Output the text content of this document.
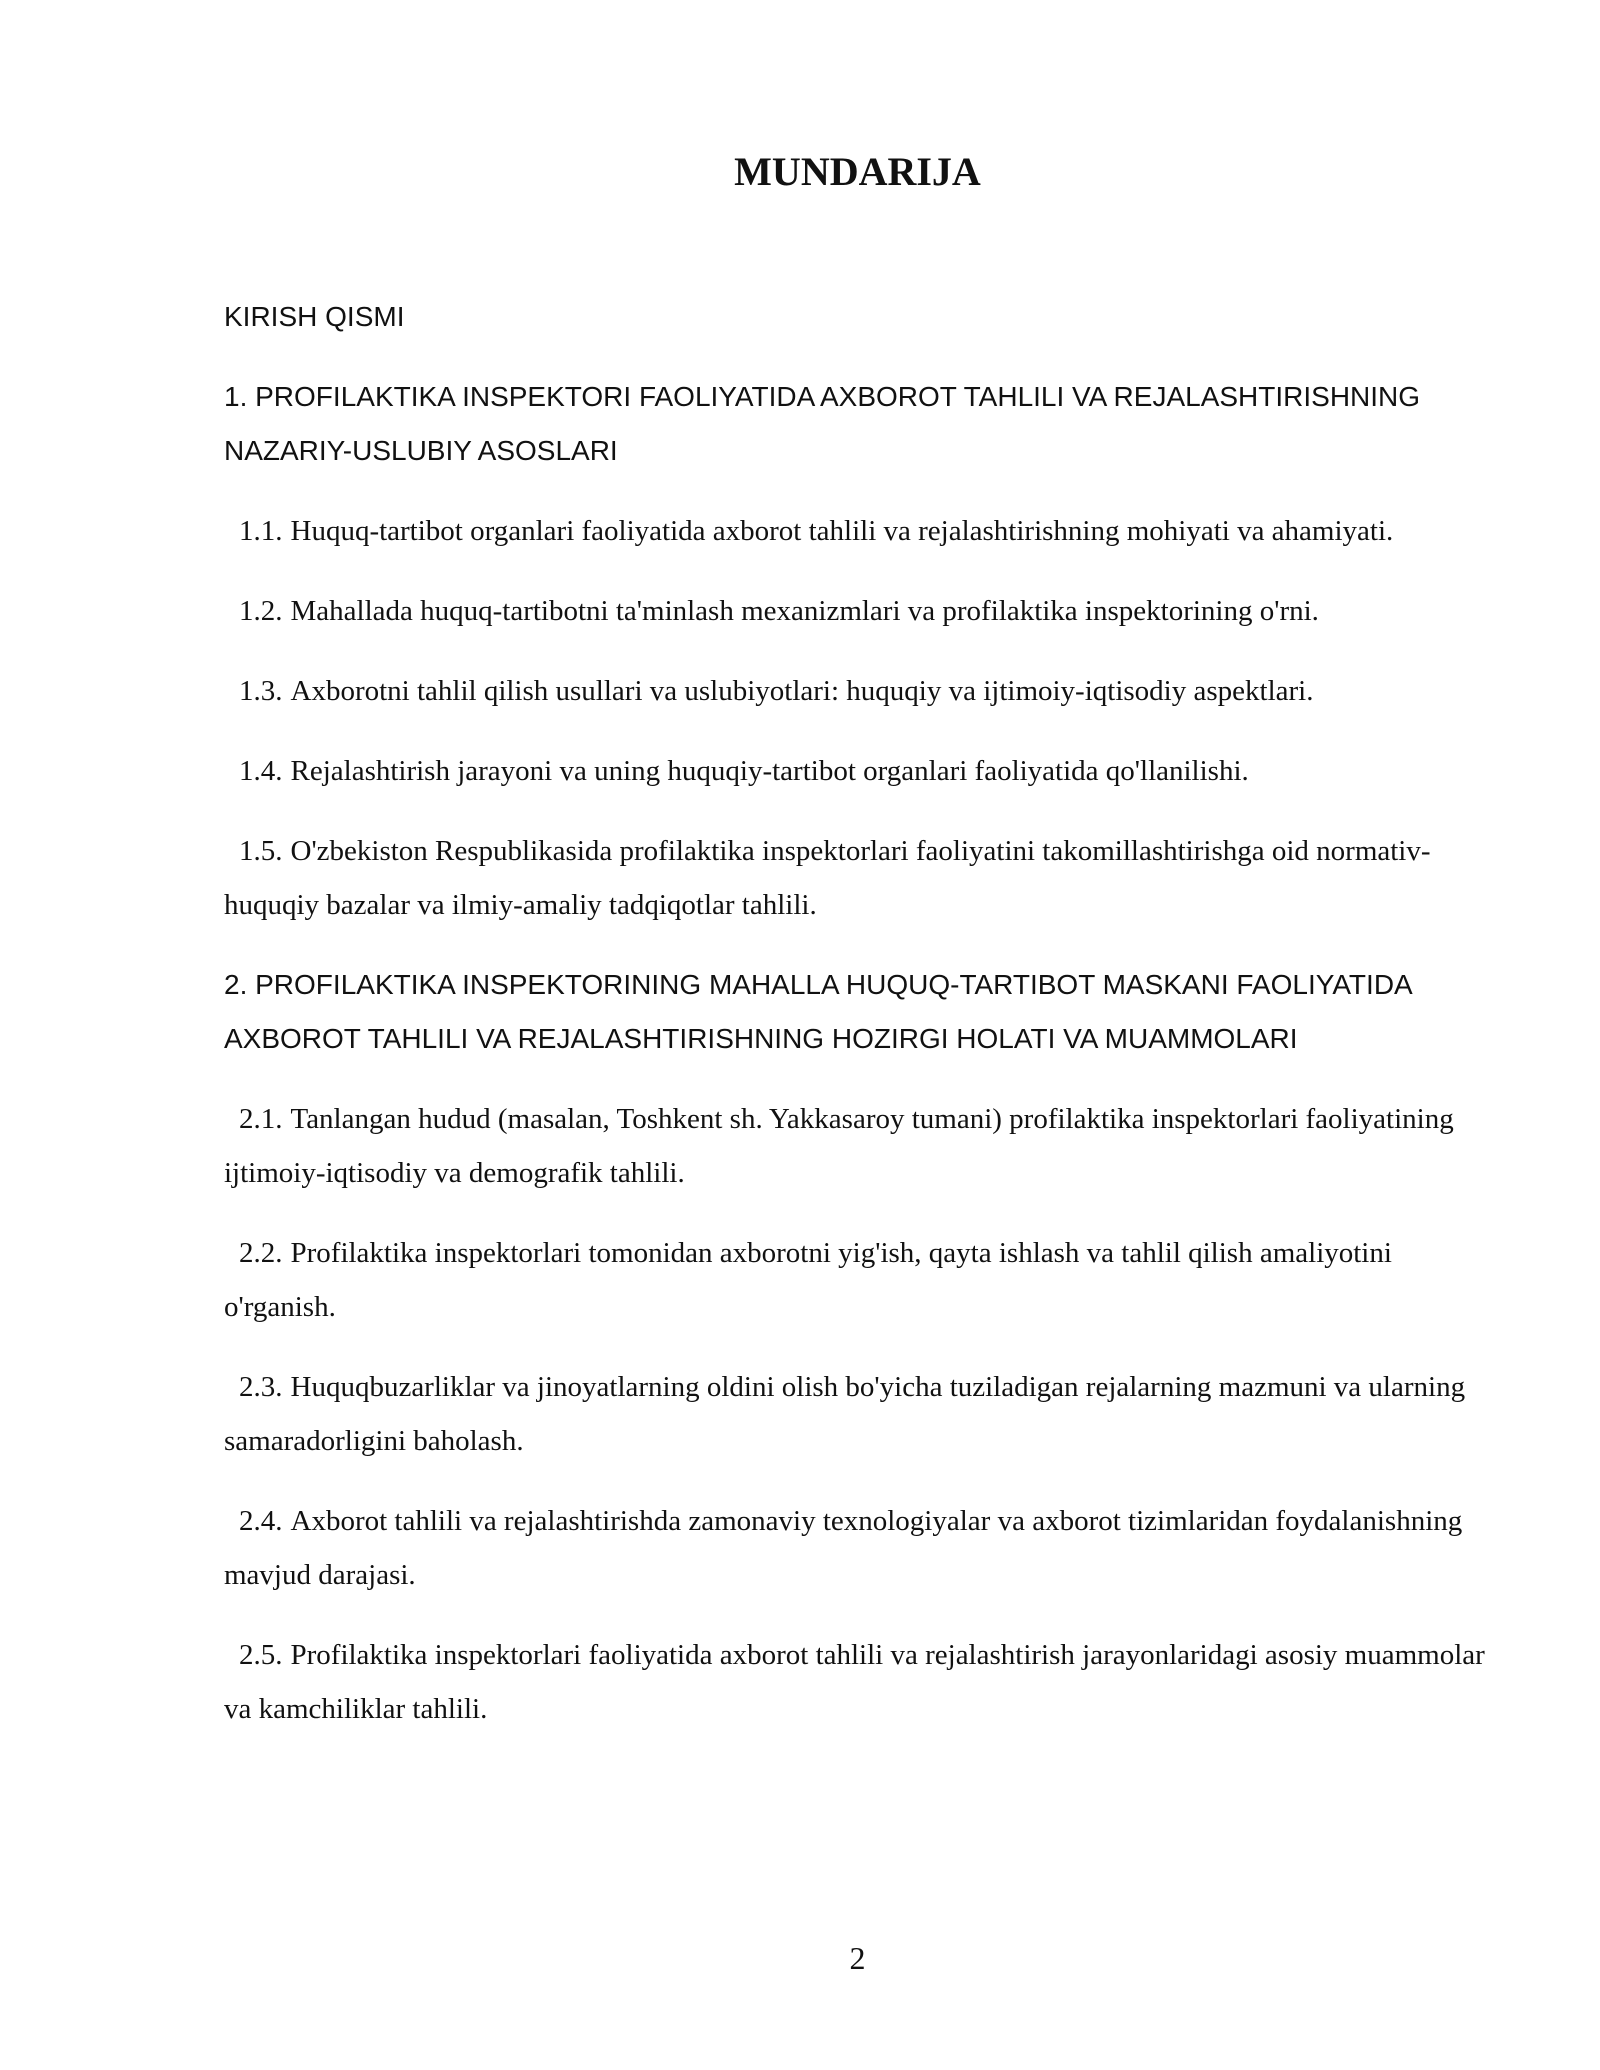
MUNDARIJA

KIRISH QISMI

1. PROFILAKTIKA INSPEKTORI FAOLIYATIDA AXBOROT TAHLILI VA REJALASHTIRISHNING NAZARIY-USLUBIY ASOSLARI

1.1. Huquq-tartibot organlari faoliyatida axborot tahlili va rejalashtirishning mohiyati va ahamiyati.

1.2. Mahallada huquq-tartibotni ta'minlash mexanizmlari va profilaktika inspektorining o'rni.

1.3. Axborotni tahlil qilish usullari va uslubiyotlari: huquqiy va ijtimoiy-iqtisodiy aspektlari.

1.4. Rejalashtirish jarayoni va uning huquqiy-tartibot organlari faoliyatida qo'llanilishi.

1.5. O'zbekiston Respublikasida profilaktika inspektorlari faoliyatini takomillashtirishga oid normativ-huquqiy bazalar va ilmiy-amaliy tadqiqotlar tahlili.

2. PROFILAKTIKA INSPEKTORINING MAHALLA HUQUQ-TARTIBOT MASKANI FAOLIYATIDA AXBOROT TAHLILI VA REJALASHTIRISHNING HOZIRGI HOLATI VA MUAMMOLARI

2.1. Tanlangan hudud (masalan, Toshkent sh. Yakkasaroy tumani) profilaktika inspektorlari faoliyatining ijtimoiy-iqtisodiy va demografik tahlili.

2.2. Profilaktika inspektorlari tomonidan axborotni yig'ish, qayta ishlash va tahlil qilish amaliyotini o'rganish.

2.3. Huquqbuzarliklar va jinoyatlarning oldini olish bo'yicha tuziladigan rejalarning mazmuni va ularning samaradorligini baholash.

2.4. Axborot tahlili va rejalashtirishda zamonaviy texnologiyalar va axborot tizimlaridan foydalanishning mavjud darajasi.

2.5. Profilaktika inspektorlari faoliyatida axborot tahlili va rejalashtirish jarayonlaridagi asosiy muammolar va kamchiliklar tahlili.

2
